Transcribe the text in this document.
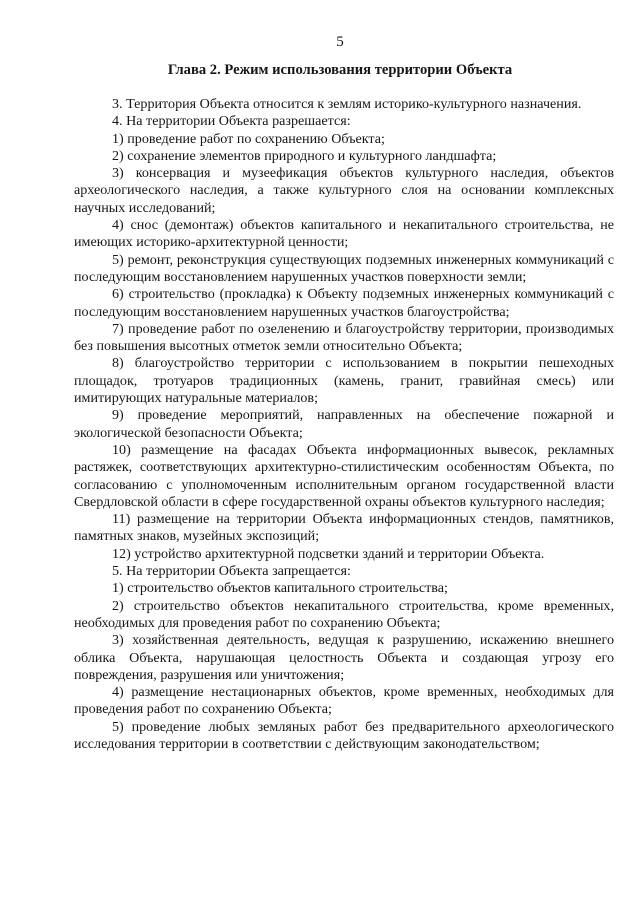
5
Глава 2. Режим использования территории Объекта

3. Территория Объекта относится к землям историко-культурного назначения.

4. На территории Объекта разрешается:

1) проведение работ по сохранению Объекта;

2) сохранение элементов природного и культурного ландшафта;

3) консервация и музеефикация объектов культурного наследия, объектов археологического наследия, а также культурного слоя на основании комплексных научных исследований;

4) снос (демонтаж) объектов капитального и некапитального строительства, не имеющих историко-архитектурной ценности;

5) ремонт, реконструкция существующих подземных инженерных коммуникаций с последующим восстановлением нарушенных участков поверхности земли;

6) строительство (прокладка) к Объекту подземных инженерных коммуникаций с последующим восстановлением нарушенных участков благоустройства;

7) проведение работ по озеленению и благоустройству территории, производимых без повышения высотных отметок земли относительно Объекта;

8) благоустройство территории с использованием в покрытии пешеходных площадок, тротуаров традиционных (камень, гранит, гравийная смесь) или имитирующих натуральные материалов;

9) проведение мероприятий, направленных на обеспечение пожарной и экологической безопасности Объекта;

10) размещение на фасадах Объекта информационных вывесок, рекламных растяжек, соответствующих архитектурно-стилистическим особенностям Объекта, по согласованию с уполномоченным исполнительным органом государственной власти Свердловской области в сфере государственной охраны объектов культурного наследия;

11) размещение на территории Объекта информационных стендов, памятников, памятных знаков, музейных экспозиций;

12) устройство архитектурной подсветки зданий и территории Объекта.

5. На территории Объекта запрещается:

1) строительство объектов капитального строительства;

2) строительство объектов некапитального строительства, кроме временных, необходимых для проведения работ по сохранению Объекта;

3) хозяйственная деятельность, ведущая к разрушению, искажению внешнего облика Объекта, нарушающая целостность Объекта и создающая угрозу его повреждения, разрушения или уничтожения;

4) размещение нестационарных объектов, кроме временных, необходимых для проведения работ по сохранению Объекта;

5) проведение любых земляных работ без предварительного археологического исследования территории в соответствии с действующим законодательством;
